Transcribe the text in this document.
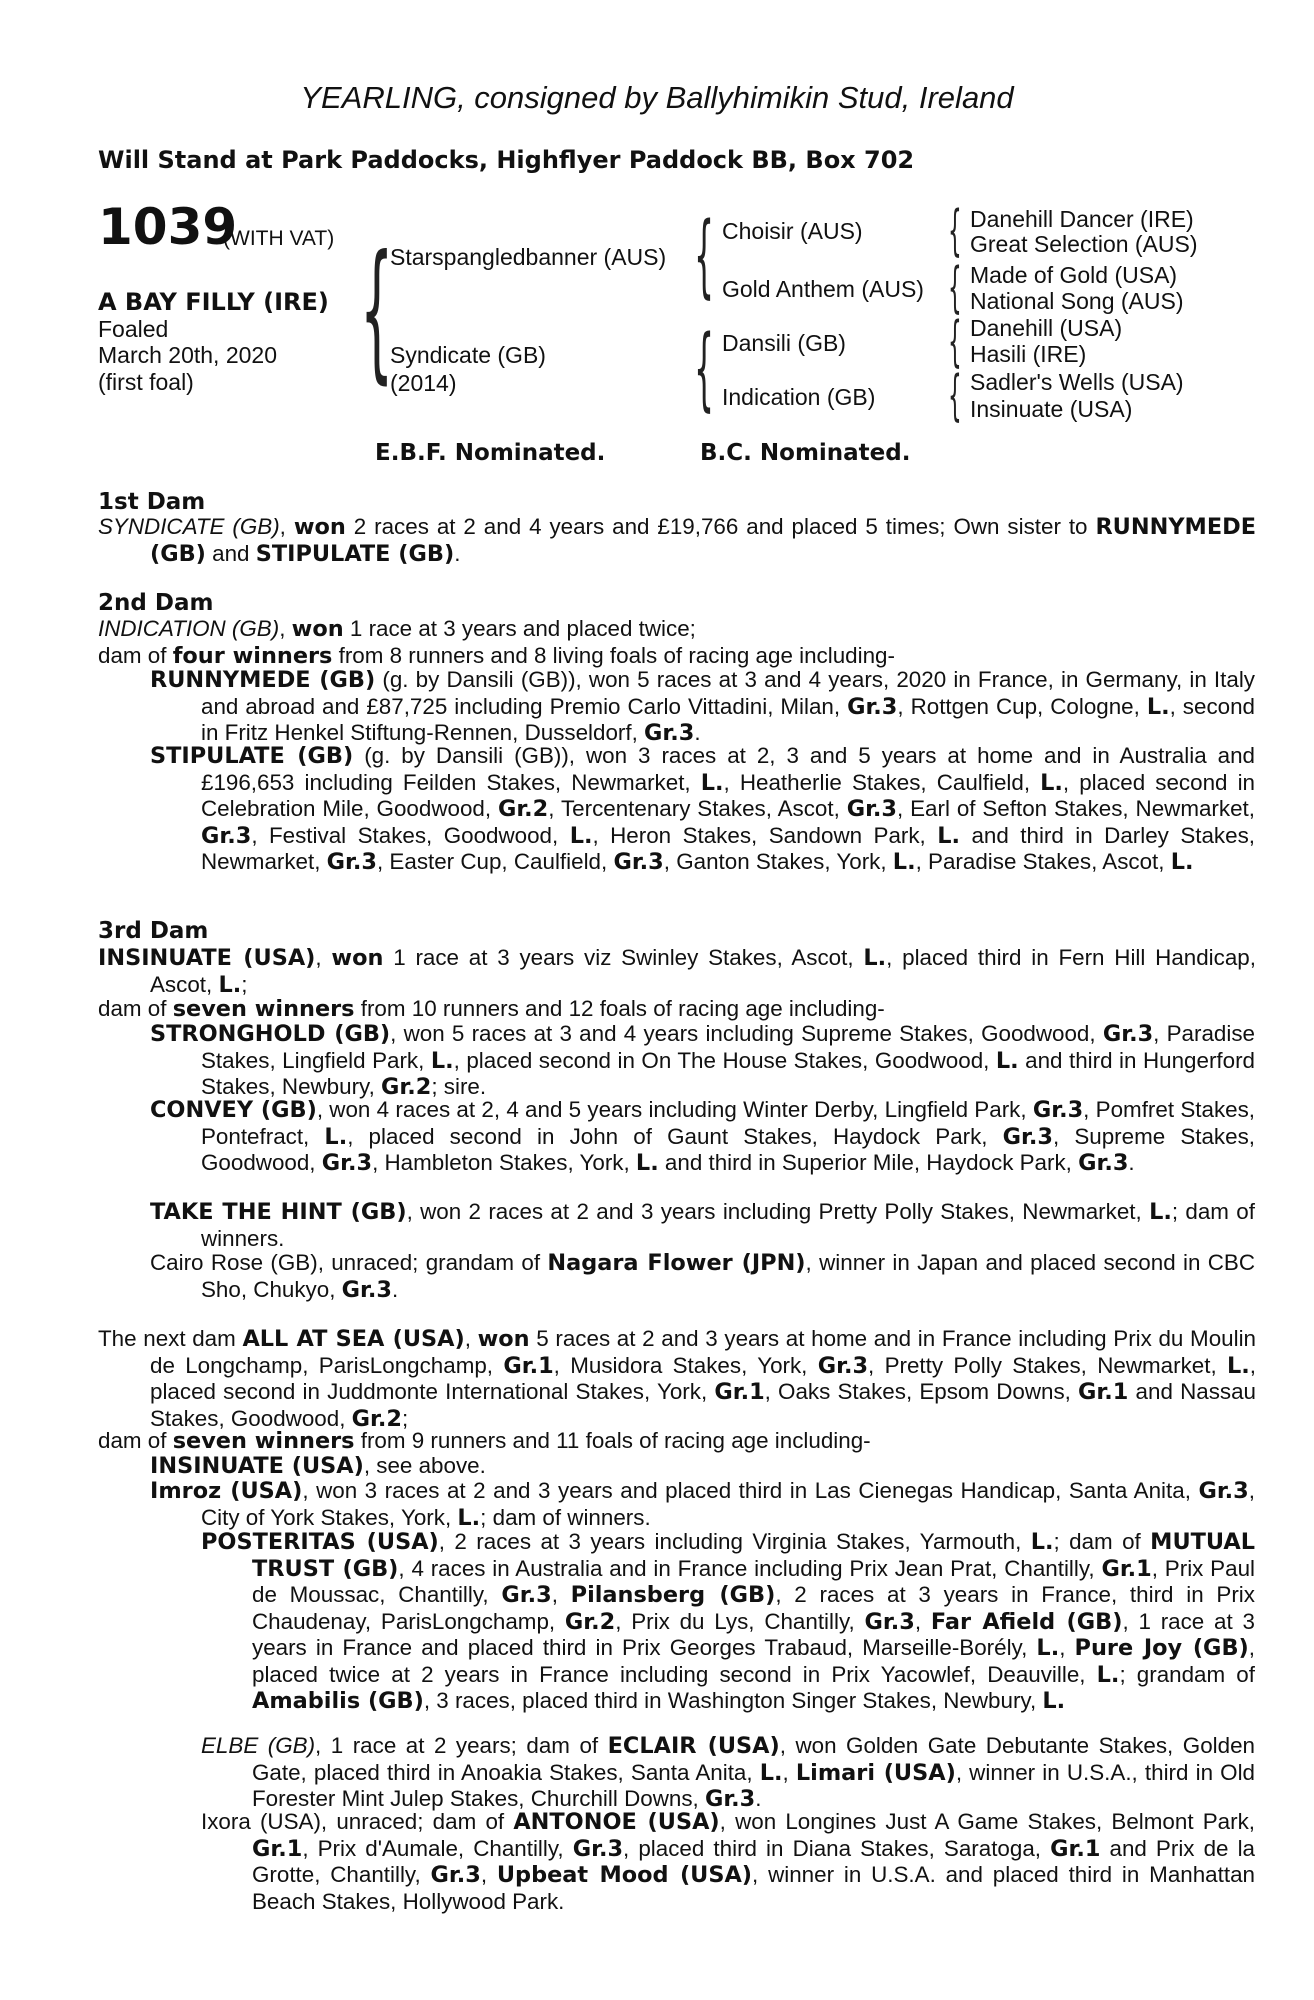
YEARLING, consigned by Ballyhimikin Stud, Ireland
Will Stand at Park Paddocks, Highflyer Paddock BB, Box 702
1039
(WITH VAT)
A BAY FILLY (IRE)
Foaled
March 20th, 2020
(first foal) {
Starspangledbanner (AUS)
Syndicate (GB)
(2014)
{ Choisir (AUS)
Gold Anthem (AUS)
{ Dansili (GB)
Indication (GB)
{ Danehill Dancer (IRE)
Great Selection (AUS)
{ Made of Gold (USA)
National Song (AUS)
{ Danehill (USA)
Hasili (IRE)
{ Sadler's Wells (USA)
Insinuate (USA)
E.B.F. Nominated.	B.C. Nominated.
1st Dam
SYNDICATE (GB), won 2 races at 2 and 4 years and £19,766 and placed 5 times; Own sister to RUNNYMEDE (GB) and STIPULATE (GB).
2nd Dam
INDICATION (GB), won 1 race at 3 years and placed twice;
dam of four winners from 8 runners and 8 living foals of racing age including-
RUNNYMEDE (GB) (g. by Dansili (GB)), won 5 races at 3 and 4 years, 2020 in France, in Germany, in Italy and abroad and £87,725 including Premio Carlo Vittadini, Milan, Gr.3, Rottgen Cup, Cologne, L., second in Fritz Henkel Stiftung-Rennen, Dusseldorf, Gr.3.
STIPULATE (GB) (g. by Dansili (GB)), won 3 races at 2, 3 and 5 years at home and in Australia and £196,653 including Feilden Stakes, Newmarket, L., Heatherlie Stakes, Caulfield, L., placed second in Celebration Mile, Goodwood, Gr.2, Tercentenary Stakes, Ascot, Gr.3, Earl of Sefton Stakes, Newmarket, Gr.3, Festival Stakes, Goodwood, L., Heron Stakes, Sandown Park, L. and third in Darley Stakes, Newmarket, Gr.3, Easter Cup, Caulfield, Gr.3, Ganton Stakes, York, L., Paradise Stakes, Ascot, L.
3rd Dam
INSINUATE (USA), won 1 race at 3 years viz Swinley Stakes, Ascot, L., placed third in Fern Hill Handicap, Ascot, L.;
dam of seven winners from 10 runners and 12 foals of racing age including-
STRONGHOLD (GB), won 5 races at 3 and 4 years including Supreme Stakes, Goodwood, Gr.3, Paradise Stakes, Lingfield Park, L., placed second in On The House Stakes, Goodwood, L. and third in Hungerford Stakes, Newbury, Gr.2; sire.
CONVEY (GB), won 4 races at 2, 4 and 5 years including Winter Derby, Lingfield Park, Gr.3, Pomfret Stakes, Pontefract, L., placed second in John of Gaunt Stakes, Haydock Park, Gr.3, Supreme Stakes, Goodwood, Gr.3, Hambleton Stakes, York, L. and third in Superior Mile, Haydock Park, Gr.3.
TAKE THE HINT (GB), won 2 races at 2 and 3 years including Pretty Polly Stakes, Newmarket, L.; dam of winners.
Cairo Rose (GB), unraced; grandam of Nagara Flower (JPN), winner in Japan and placed second in CBC Sho, Chukyo, Gr.3.
The next dam ALL AT SEA (USA), won 5 races at 2 and 3 years at home and in France including Prix du Moulin de Longchamp, ParisLongchamp, Gr.1, Musidora Stakes, York, Gr.3, Pretty Polly Stakes, Newmarket, L., placed second in Juddmonte International Stakes, York, Gr.1, Oaks Stakes, Epsom Downs, Gr.1 and Nassau Stakes, Goodwood, Gr.2;
dam of seven winners from 9 runners and 11 foals of racing age including-
INSINUATE (USA), see above.
Imroz (USA), won 3 races at 2 and 3 years and placed third in Las Cienegas Handicap, Santa Anita, Gr.3, City of York Stakes, York, L.; dam of winners.
POSTERITAS (USA), 2 races at 3 years including Virginia Stakes, Yarmouth, L.; dam of MUTUAL TRUST (GB), 4 races in Australia and in France including Prix Jean Prat, Chantilly, Gr.1, Prix Paul de Moussac, Chantilly, Gr.3, Pilansberg (GB), 2 races at 3 years in France, third in Prix Chaudenay, ParisLongchamp, Gr.2, Prix du Lys, Chantilly, Gr.3, Far Afield (GB), 1 race at 3 years in France and placed third in Prix Georges Trabaud, Marseille-Borély, L., Pure Joy (GB), placed twice at 2 years in France including second in Prix Yacowlef, Deauville, L.; grandam of Amabilis (GB), 3 races, placed third in Washington Singer Stakes, Newbury, L.
ELBE (GB), 1 race at 2 years; dam of ECLAIR (USA), won Golden Gate Debutante Stakes, Golden Gate, placed third in Anoakia Stakes, Santa Anita, L., Limari (USA), winner in U.S.A., third in Old Forester Mint Julep Stakes, Churchill Downs, Gr.3.
Ixora (USA), unraced; dam of ANTONOE (USA), won Longines Just A Game Stakes, Belmont Park, Gr.1, Prix d'Aumale, Chantilly, Gr.3, placed third in Diana Stakes, Saratoga, Gr.1 and Prix de la Grotte, Chantilly, Gr.3, Upbeat Mood (USA), winner in U.S.A. and placed third in Manhattan Beach Stakes, Hollywood Park.
